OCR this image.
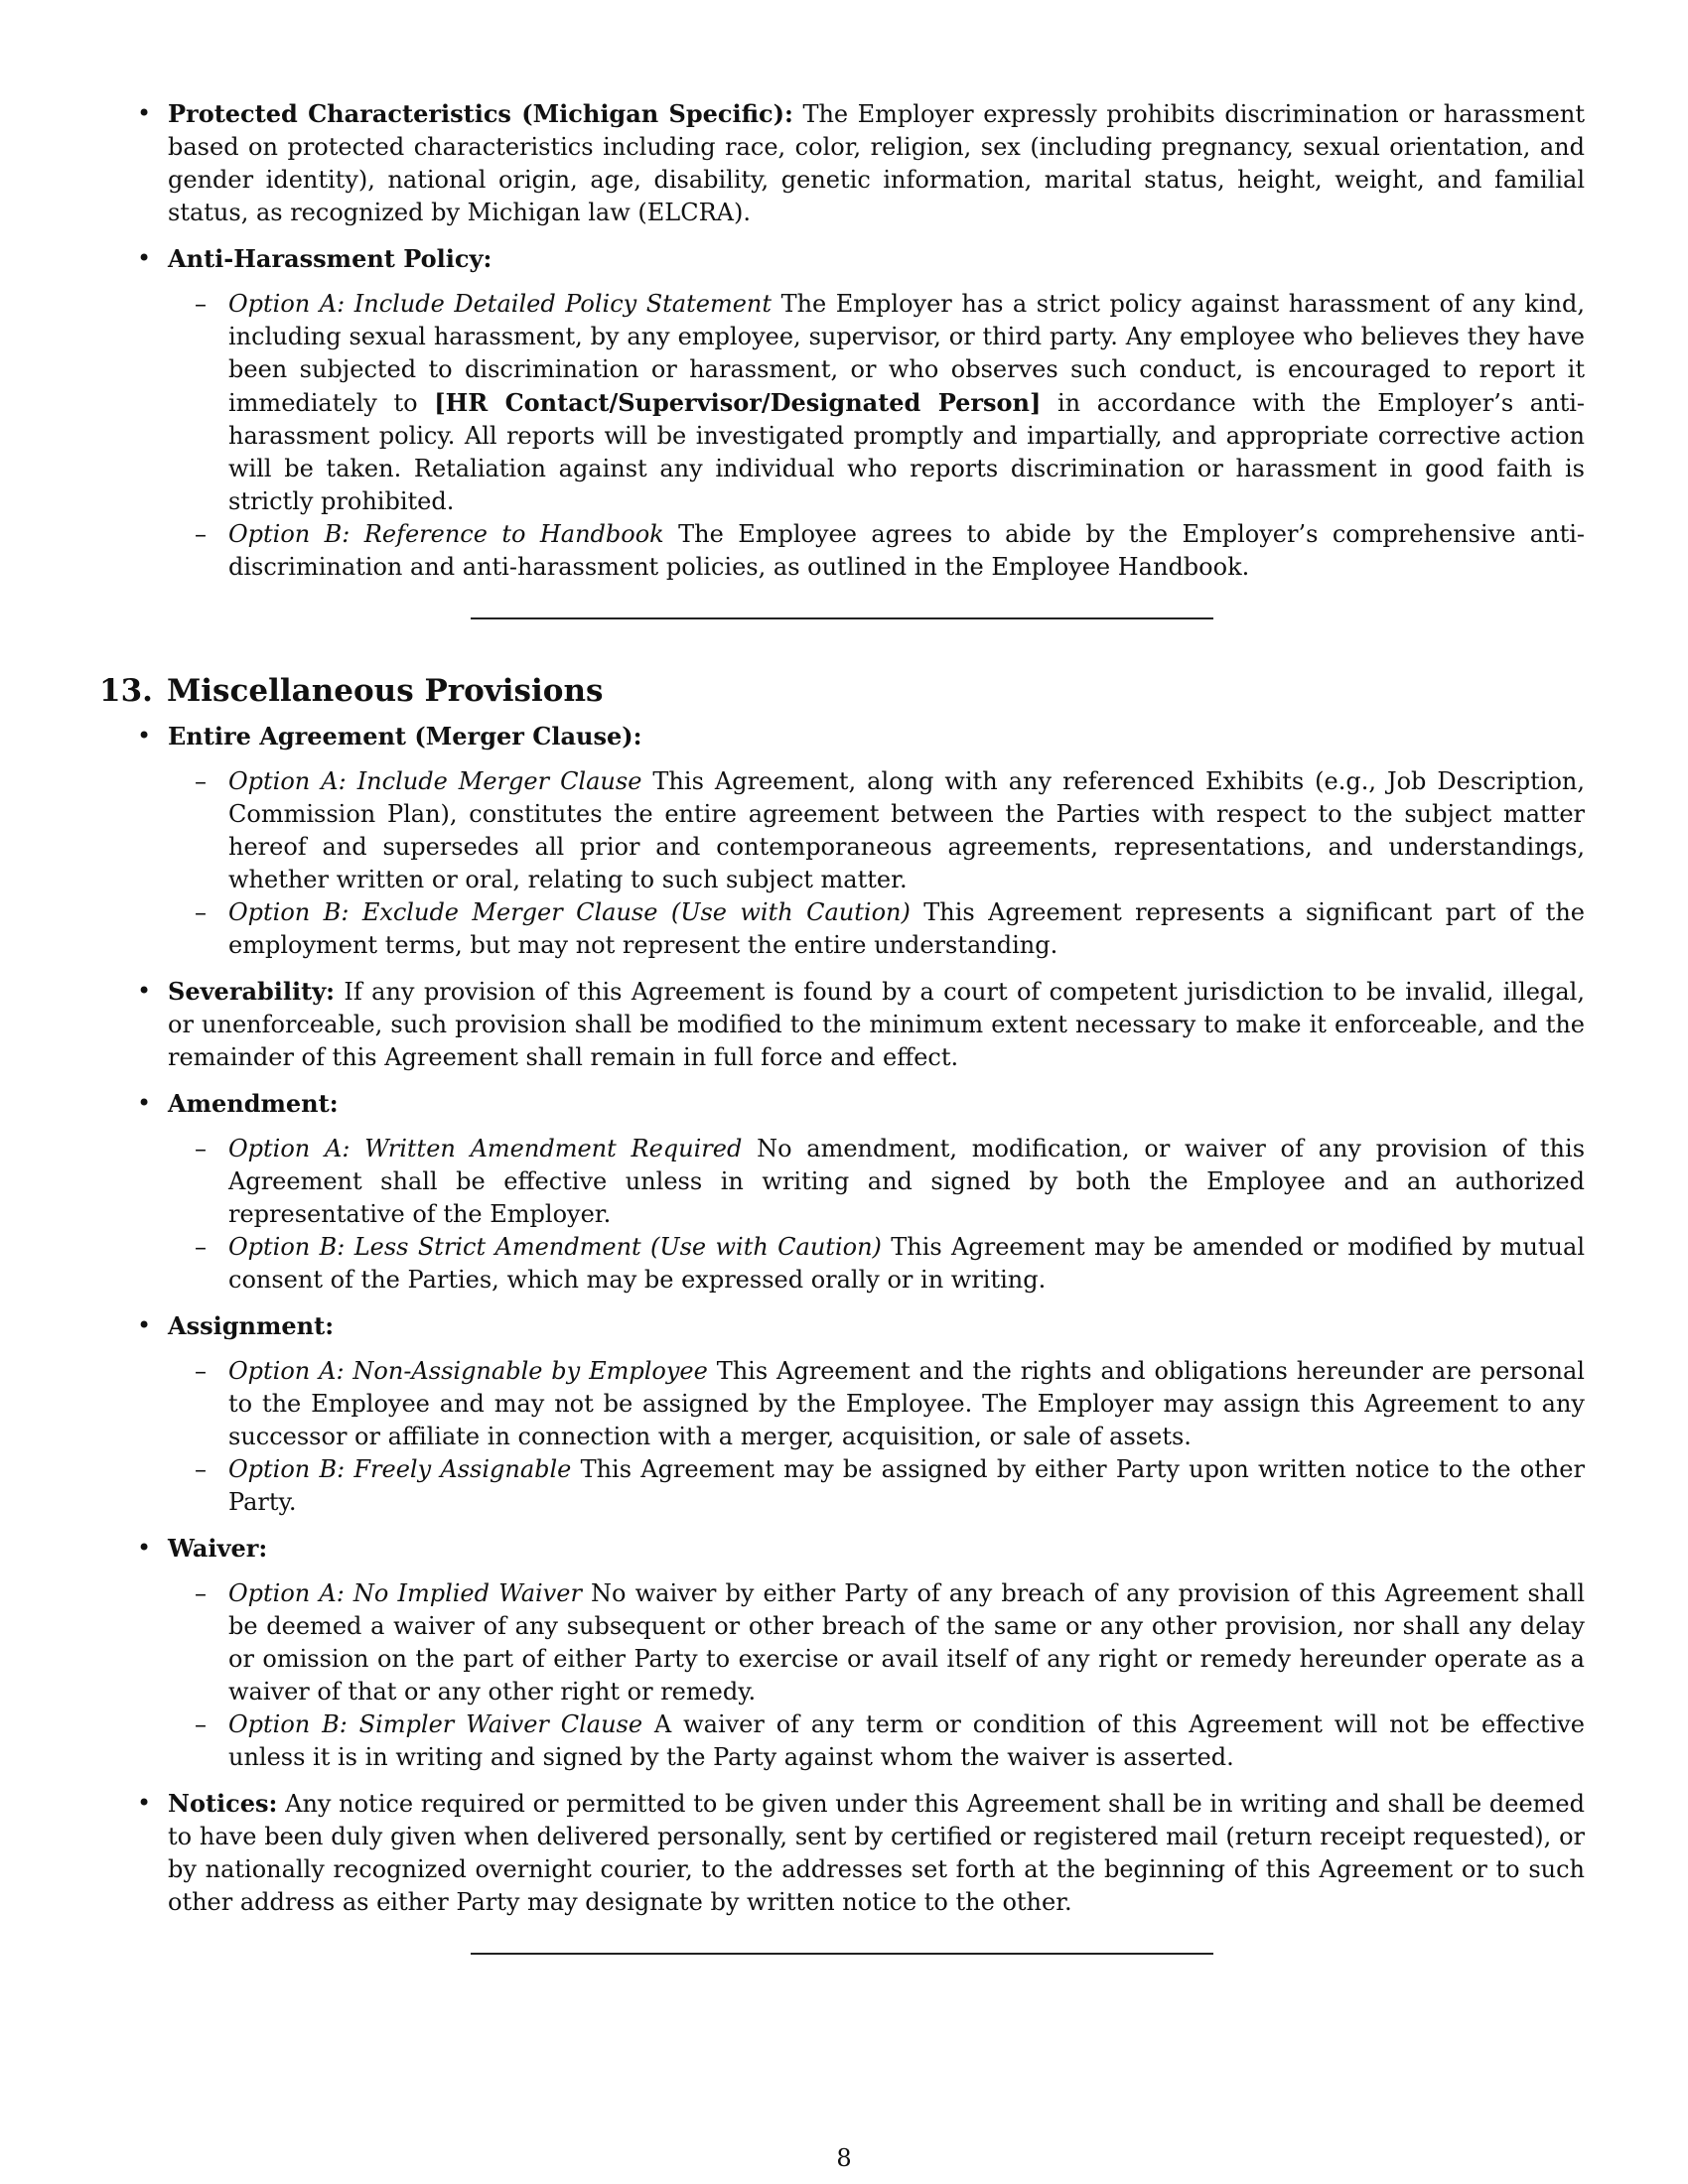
• Protected Characteristics (Michigan Specific): The Employer expressly prohibits discrimination or harassment based on protected characteristics including race, color, religion, sex (including pregnancy, sexual orientation, and gender identity), national origin, age, disability, genetic information, marital status, height, weight, and familial status, as recognized by Michigan law (ELCRA).
• Anti-Harassment Policy:
– Option A: Include Detailed Policy Statement The Employer has a strict policy against harassment of any kind, including sexual harassment, by any employee, supervisor, or third party. Any employee who believes they have been subjected to discrimination or harassment, or who observes such conduct, is encouraged to report it immediately to [HR Contact/Supervisor/Designated Person] in accordance with the Employer’s anti-harassment policy. All reports will be investigated promptly and impartially, and appropriate corrective action will be taken. Retaliation against any individual who reports discrimination or harassment in good faith is strictly prohibited.
– Option B: Reference to Handbook The Employee agrees to abide by the Employer’s comprehensive anti-discrimination and anti-harassment policies, as outlined in the Employee Handbook.
13. Miscellaneous Provisions
• Entire Agreement (Merger Clause):
– Option A: Include Merger Clause This Agreement, along with any referenced Exhibits (e.g., Job Description, Commission Plan), constitutes the entire agreement between the Parties with respect to the subject matter hereof and supersedes all prior and contemporaneous agreements, representations, and understandings, whether written or oral, relating to such subject matter.
– Option B: Exclude Merger Clause (Use with Caution) This Agreement represents a significant part of the employment terms, but may not represent the entire understanding.
• Severability: If any provision of this Agreement is found by a court of competent jurisdiction to be invalid, illegal, or unenforceable, such provision shall be modified to the minimum extent necessary to make it enforceable, and the remainder of this Agreement shall remain in full force and effect.
• Amendment:
– Option A: Written Amendment Required No amendment, modification, or waiver of any provision of this Agreement shall be effective unless in writing and signed by both the Employee and an authorized representative of the Employer.
– Option B: Less Strict Amendment (Use with Caution) This Agreement may be amended or modified by mutual consent of the Parties, which may be expressed orally or in writing.
• Assignment:
– Option A: Non-Assignable by Employee This Agreement and the rights and obligations hereunder are personal to the Employee and may not be assigned by the Employee. The Employer may assign this Agreement to any successor or affiliate in connection with a merger, acquisition, or sale of assets.
– Option B: Freely Assignable This Agreement may be assigned by either Party upon written notice to the other Party.
• Waiver:
– Option A: No Implied Waiver No waiver by either Party of any breach of any provision of this Agreement shall be deemed a waiver of any subsequent or other breach of the same or any other provision, nor shall any delay or omission on the part of either Party to exercise or avail itself of any right or remedy hereunder operate as a waiver of that or any other right or remedy.
– Option B: Simpler Waiver Clause A waiver of any term or condition of this Agreement will not be effective unless it is in writing and signed by the Party against whom the waiver is asserted.
• Notices: Any notice required or permitted to be given under this Agreement shall be in writing and shall be deemed to have been duly given when delivered personally, sent by certified or registered mail (return receipt requested), or by nationally recognized overnight courier, to the addresses set forth at the beginning of this Agreement or to such other address as either Party may designate by written notice to the other.
8
